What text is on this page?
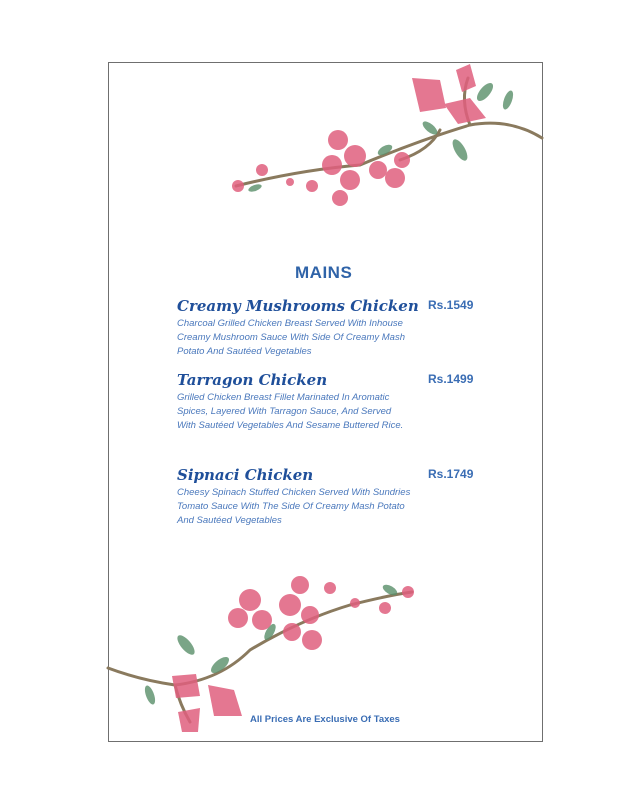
MAINS
Creamy Mushrooms Chicken Rs.1549
Charcoal Grilled Chicken Breast Served With Inhouse Creamy Mushroom Sauce With Side Of Creamy Mash Potato And Sautéed Vegetables
Tarragon Chicken	Rs.1499
Grilled Chicken Breast Fillet Marinated In Aromatic Spices, Layered With Tarragon Sauce, And Served With Sautéed Vegetables And Sesame Buttered Rice.
Sipnaci Chicken	Rs.1749
Cheesy Spinach Stuffed Chicken Served With Sundries Tomato Sauce With The Side Of Creamy Mash Potato And Sautéed Vegetables
All Prices Are Exclusive Of Taxes
